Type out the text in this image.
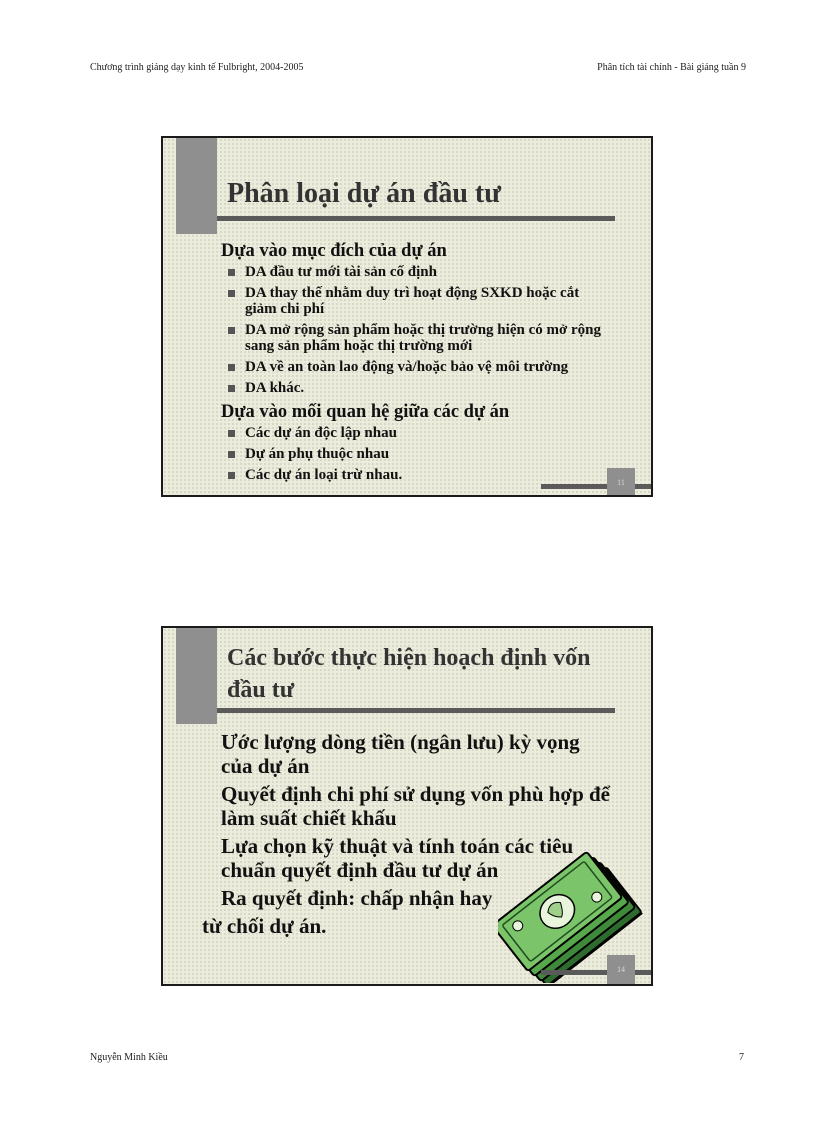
Chương trình giảng dạy kinh tế Fulbright, 2004-2005	Phân tích tài chính - Bài giảng tuần 9
Phân loại dự án đầu tư

Dựa vào mục đích của dự án

DA đầu tư mới tài sản cố định
DA thay thế nhằm duy trì hoạt động SXKD hoặc cắt giảm chi phí
DA mở rộng sản phẩm hoặc thị trường hiện có mở rộng sang sản phẩm hoặc thị trường mới
DA về an toàn lao động và/hoặc bảo vệ môi trường
DA khác.

Dựa vào mối quan hệ giữa các dự án

Các dự án độc lập nhau
Dự án phụ thuộc nhau
Các dự án loại trừ nhau.	11
Các bước thực hiện hoạch định vốn đầu tư

Ước lượng dòng tiền (ngân lưu) kỳ vọng của dự án

Quyết định chi phí sử dụng vốn phù hợp để làm suất chiết khấu

Lựa chọn kỹ thuật và tính toán các tiêu chuẩn quyết định đầu tư dự án

Ra quyết định: chấp nhận hay

từ chối dự án.

14
Nguyễn Minh Kiều	7
